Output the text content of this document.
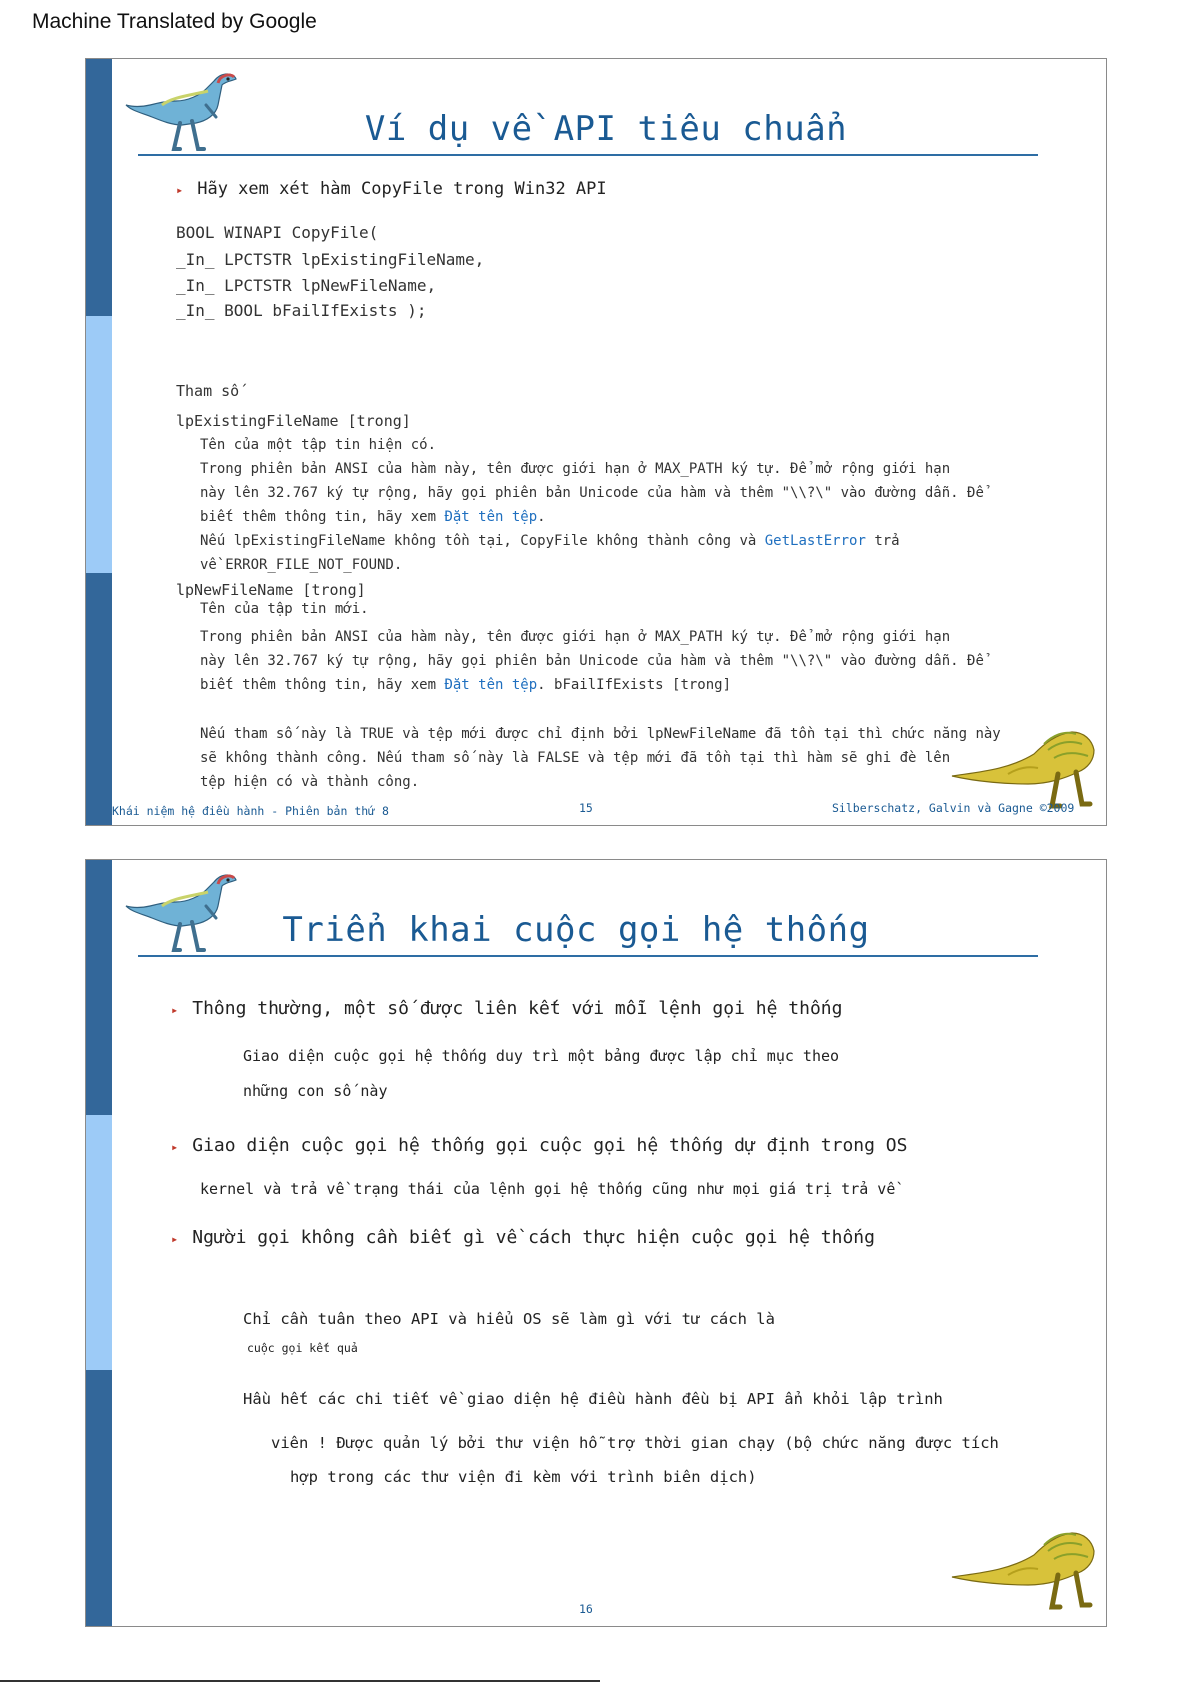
Machine Translated by Google
Ví dụ về API tiêu chuẩn
▸ Hãy xem xét hàm CopyFile trong Win32 API
BOOL WINAPI CopyFile(
_In_ LPCTSTR lpExistingFileName,
_In_ LPCTSTR lpNewFileName,
_In_ BOOL bFailIfExists );
Tham số
lpExistingFileName [trong]
Tên của một tập tin hiện có.
Trong phiên bản ANSI của hàm này, tên được giới hạn ở MAX_PATH ký tự. Để mở rộng giới hạn
này lên 32.767 ký tự rộng, hãy gọi phiên bản Unicode của hàm và thêm "\\?\" vào đường dẫn. Để
biết thêm thông tin, hãy xem Đặt tên tệp.
Nếu lpExistingFileName không tồn tại, CopyFile không thành công và GetLastError trả
về ERROR_FILE_NOT_FOUND.
lpNewFileName [trong]
Tên của tập tin mới.
Trong phiên bản ANSI của hàm này, tên được giới hạn ở MAX_PATH ký tự. Để mở rộng giới hạn
này lên 32.767 ký tự rộng, hãy gọi phiên bản Unicode của hàm và thêm "\\?\" vào đường dẫn. Để
biết thêm thông tin, hãy xem Đặt tên tệp. bFailIfExists [trong]
Nếu tham số này là TRUE và tệp mới được chỉ định bởi lpNewFileName đã tồn tại thì chức năng này
sẽ không thành công. Nếu tham số này là FALSE và tệp mới đã tồn tại thì hàm sẽ ghi đè lên
tệp hiện có và thành công.
Khái niệm hệ điều hành - Phiên bản thứ 8	15	Silberschatz, Galvin và Gagne ©2009
Triển khai cuộc gọi hệ thống
▸ Thông thường, một số được liên kết với mỗi lệnh gọi hệ thống
Giao diện cuộc gọi hệ thống duy trì một bảng được lập chỉ mục theo
những con số này
▸ Giao diện cuộc gọi hệ thống gọi cuộc gọi hệ thống dự định trong OS
kernel và trả về trạng thái của lệnh gọi hệ thống cũng như mọi giá trị trả về
▸ Người gọi không cần biết gì về cách thực hiện cuộc gọi hệ thống
Chỉ cần tuân theo API và hiểu OS sẽ làm gì với tư cách là
cuộc gọi kết quả
Hầu hết các chi tiết về giao diện hệ điều hành đều bị API ẩn khỏi lập trình
viên ! Được quản lý bởi thư viện hỗ trợ thời gian chạy (bộ chức năng được tích
hợp trong các thư viện đi kèm với trình biên dịch)
16
